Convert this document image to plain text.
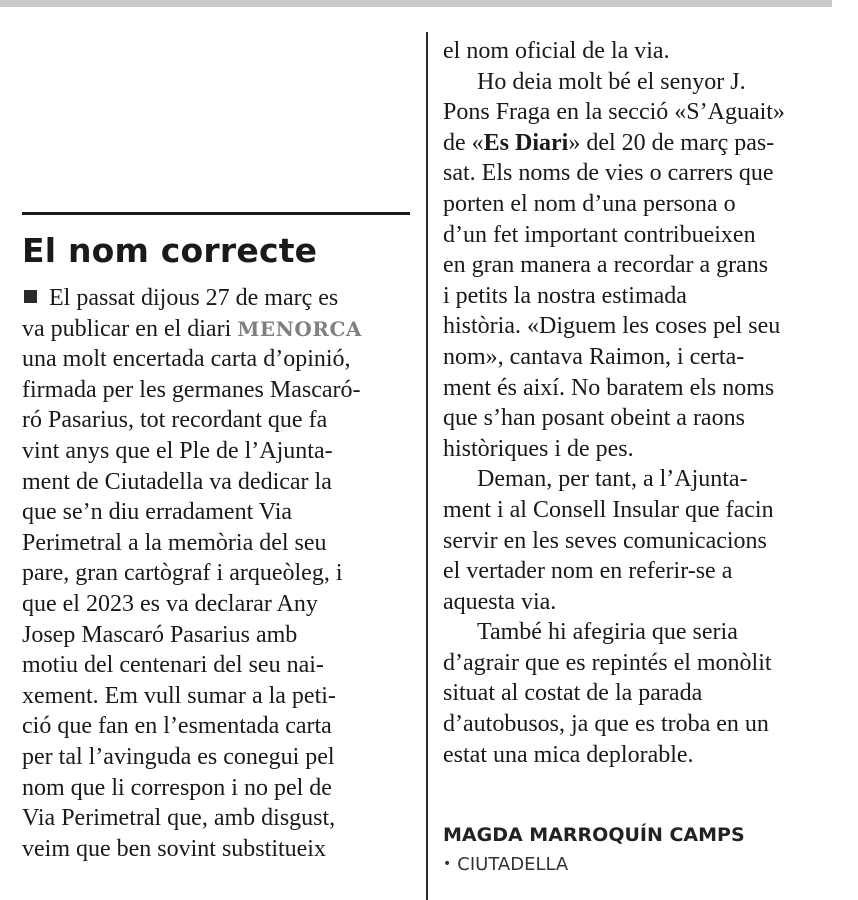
El nom correcte
El passat dijous 27 de març es
va publicar en el diari MENORCA
una molt encertada carta d’opinió,
firmada per les germanes Mascaró-
ró Pasarius, tot recordant que fa
vint anys que el Ple de l’Ajunta-
ment de Ciutadella va dedicar la
que se’n diu erradament Via
Perimetral a la memòria del seu
pare, gran cartògraf i arqueòleg, i
que el 2023 es va declarar Any
Josep Mascaró Pasarius amb
motiu del centenari del seu nai-
xement. Em vull sumar a la peti-
ció que fan en l’esmentada carta
per tal l’avinguda es conegui pel
nom que li correspon i no pel de
Via Perimetral que, amb disgust,
veim que ben sovint substitueix
el nom oficial de la via.
Ho deia molt bé el senyor J.
Pons Fraga en la secció «S’Aguait»
de «Es Diari» del 20 de març pas-
sat. Els noms de vies o carrers que
porten el nom d’una persona o
d’un fet important contribueixen
en gran manera a recordar a grans
i petits la nostra estimada
història. «Diguem les coses pel seu
nom», cantava Raimon, i certa-
ment és així. No baratem els noms
que s’han posant obeint a raons
històriques i de pes.
Deman, per tant, a l’Ajunta-
ment i al Consell Insular que facin
servir en les seves comunicacions
el vertader nom en referir-se a
aquesta via.
També hi afegiria que seria
d’agrair que es repintés el monòlit
situat al costat de la parada
d’autobusos, ja que es troba en un
estat una mica deplorable.
MAGDA MARROQUÍN CAMPS
• CIUTADELLA
